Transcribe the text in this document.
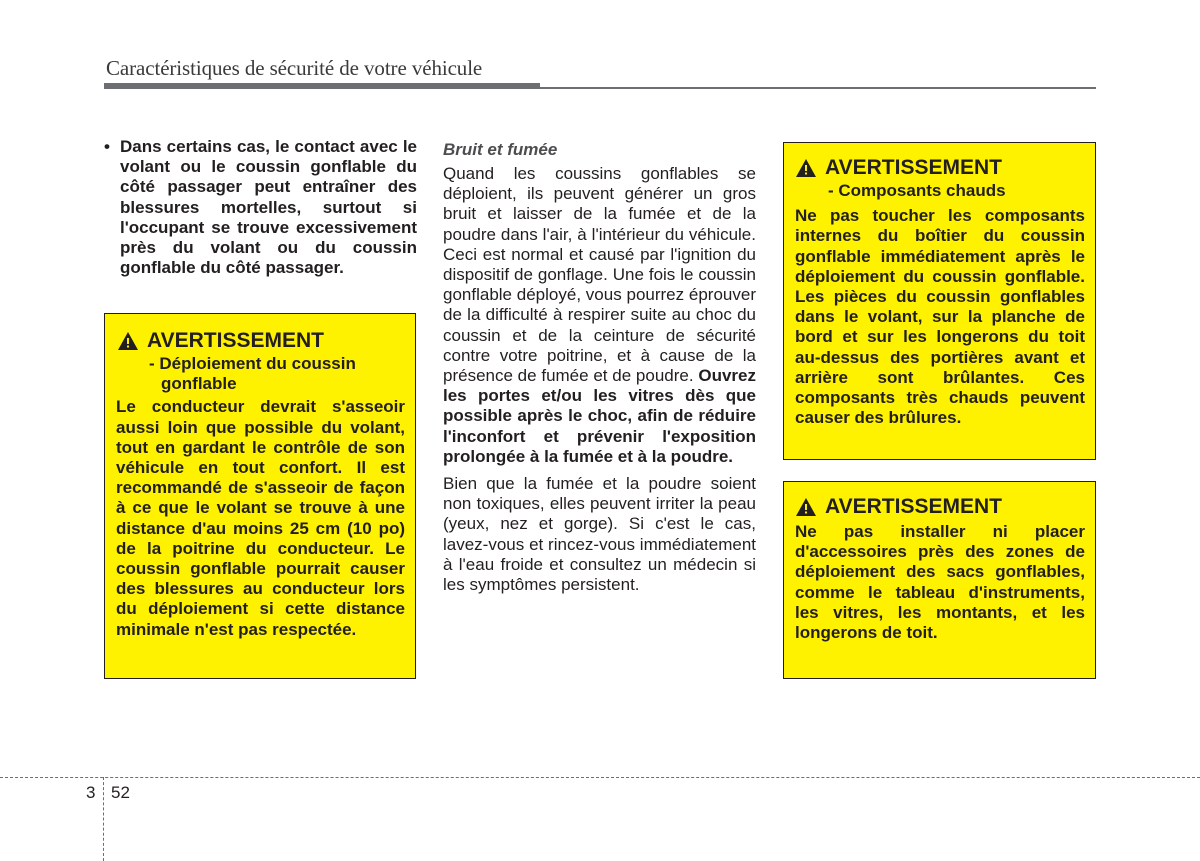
Caractéristiques de sécurité de votre véhicule
• Dans certains cas, le contact avec le volant ou le coussin gonflable du côté passager peut entraîner des blessures mortelles, surtout si l'occupant se trouve excessivement près du volant ou du coussin gonflable du côté passager.
AVERTISSEMENT
- Déploiement du coussin
gonflable
Le conducteur devrait s'asseoir aussi loin que possible du volant, tout en gardant le contrôle de son véhicule en tout confort. Il est recommandé de s'asseoir de façon à ce que le volant se trouve à une distance d'au moins 25 cm (10 po) de la poitrine du conducteur. Le coussin gonflable pourrait causer des blessures au conducteur lors du déploiement si cette distance minimale n'est pas respectée.
Bruit et fumée

Quand les coussins gonflables se déploient, ils peuvent générer un gros bruit et laisser de la fumée et de la poudre dans l'air, à l'intérieur du véhicule. Ceci est normal et causé par l'ignition du dispositif de gonflage. Une fois le coussin gonflable déployé, vous pourrez éprouver de la difficulté à respirer suite au choc du coussin et de la ceinture de sécurité contre votre poitrine, et à cause de la présence de fumée et de poudre. Ouvrez les portes et/ou les vitres dès que possible après le choc, afin de réduire l'inconfort et prévenir l'exposition prolongée à la fumée et à la poudre.

Bien que la fumée et la poudre soient non toxiques, elles peuvent irriter la peau (yeux, nez et gorge). Si c'est le cas, lavez-vous et rincez-vous immédiatement à l'eau froide et consultez un médecin si les symptômes persistent.

AVERTISSEMENT
- Composants chauds
Ne pas toucher les composants internes du boîtier du coussin gonflable immédiatement après le déploiement du coussin gonflable. Les pièces du coussin gonflables dans le volant, sur la planche de bord et sur les longerons du toit au-dessus des portières avant et arrière sont brûlantes. Ces composants très chauds peuvent causer des brûlures.
AVERTISSEMENT
Ne pas installer ni placer d'accessoires près des zones de déploiement des sacs gonflables, comme le tableau d'instruments, les vitres, les montants, et les longerons de toit.
3 52
